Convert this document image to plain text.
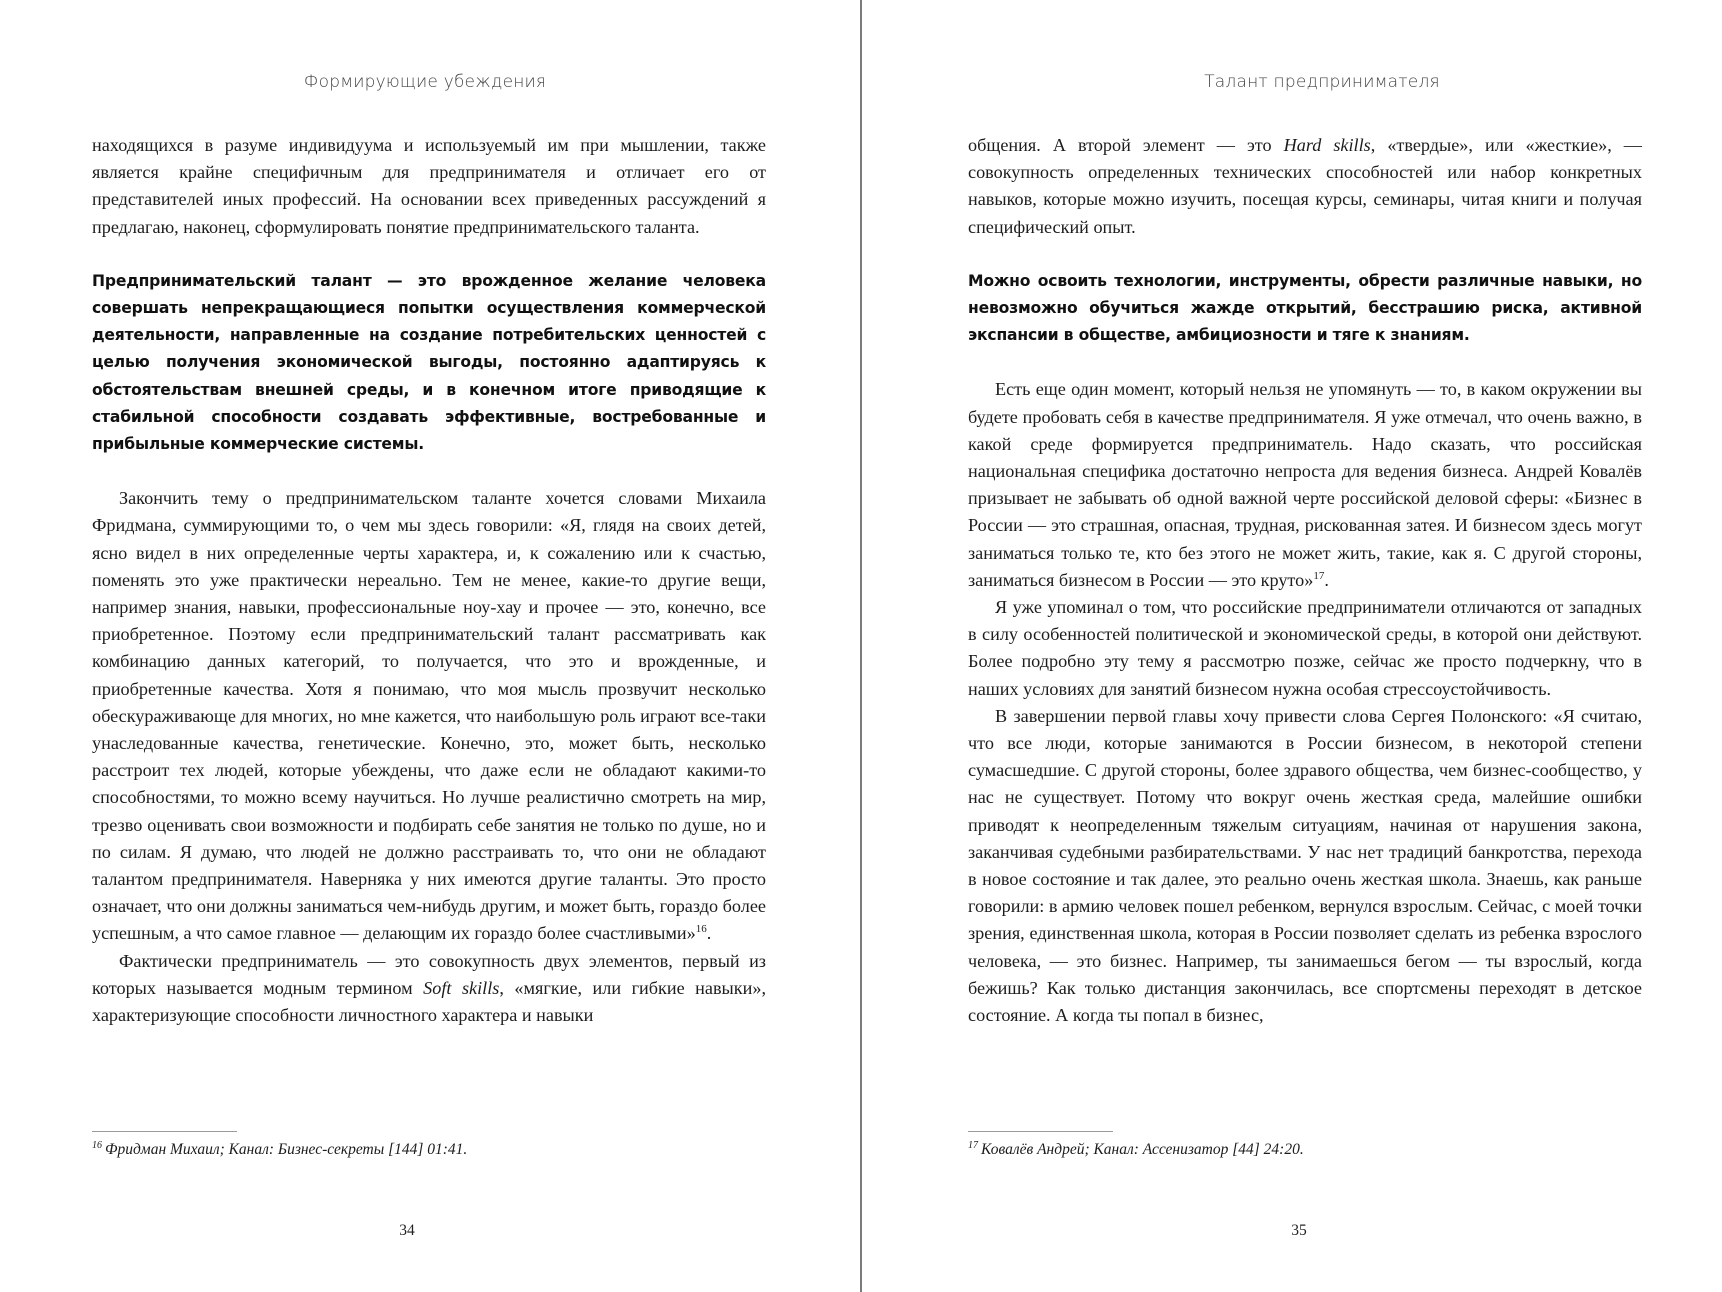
Формирующие убеждения

находящихся в разуме индивидуума и используемый им при мышлении, также является крайне специфичным для предпринимателя и отличает его от представителей иных профессий. На основании всех приведенных рассуждений я предлагаю, наконец, сформулировать понятие предпринимательского таланта.

Предпринимательский талант — это врожденное желание человека совершать непрекращающиеся попытки осуществления коммерческой деятельности, направленные на создание потребительских ценностей с целью получения экономической выгоды, постоянно адаптируясь к обстоятельствам внешней среды, и в конечном итоге приводящие к стабильной способности создавать эффективные, востребованные и прибыльные коммерческие системы.

Закончить тему о предпринимательском таланте хочется словами Михаила Фридмана, суммирующими то, о чем мы здесь говорили: «Я, глядя на своих детей, ясно видел в них определенные черты характера, и, к сожалению или к счастью, поменять это уже практически нереально. Тем не менее, какие-то другие вещи, например знания, навыки, профессиональные ноу-хау и прочее — это, конечно, все приобретенное. Поэтому если предпринимательский талант рассматривать как комбинацию данных категорий, то получается, что это и врожденные, и приобретенные качества. Хотя я понимаю, что моя мысль прозвучит несколько обескураживающе для многих, но мне кажется, что наибольшую роль играют все-таки унаследованные качества, генетические. Конечно, это, может быть, несколько расстроит тех людей, которые убеждены, что даже если не обладают какими-то способностями, то можно всему научиться. Но лучше реалистично смотреть на мир, трезво оценивать свои возможности и подбирать себе занятия не только по душе, но и по силам. Я думаю, что людей не должно расстраивать то, что они не обладают талантом предпринимателя. Наверняка у них имеются другие таланты. Это просто означает, что они должны заниматься чем-нибудь другим, и может быть, гораздо более успешным, а что самое главное — делающим их гораздо более счастливыми»$^{16}$.

Фактически предприниматель — это совокупность двух элементов, первый из которых называется модным термином Soft skills, «мягкие, или гибкие навыки», характеризующие способности личностного характера и навыки

$^{16}$ Фридман Михаил; Канал: Бизнес-секреты [144] 01:41.
34
Талант предпринимателя

общения. А второй элемент — это Hard skills, «твердые», или «жесткие», — совокупность определенных технических способностей или набор конкретных навыков, которые можно изучить, посещая курсы, семинары, читая книги и получая специфический опыт.

Можно освоить технологии, инструменты, обрести различные навыки, но невозможно обучиться жажде открытий, бесстрашию риска, активной экспансии в обществе, амбициозности и тяге к знаниям.

Есть еще один момент, который нельзя не упомянуть — то, в каком окружении вы будете пробовать себя в качестве предпринимателя. Я уже отмечал, что очень важно, в какой среде формируется предприниматель. Надо сказать, что российская национальная специфика достаточно непроста для ведения бизнеса. Андрей Ковалёв призывает не забывать об одной важной черте российской деловой сферы: «Бизнес в России — это страшная, опасная, трудная, рискованная затея. И бизнесом здесь могут заниматься только те, кто без этого не может жить, такие, как я. С другой стороны, заниматься бизнесом в России — это круто»$^{17}$.

Я уже упоминал о том, что российские предприниматели отличаются от западных в силу особенностей политической и экономической среды, в которой они действуют. Более подробно эту тему я рассмотрю позже, сейчас же просто подчеркну, что в наших условиях для занятий бизнесом нужна особая стрессоустойчивость.

В завершении первой главы хочу привести слова Сергея Полонского: «Я считаю, что все люди, которые занимаются в России бизнесом, в некоторой степени сумасшедшие. С другой стороны, более здравого общества, чем бизнес-сообщество, у нас не существует. Потому что вокруг очень жесткая среда, малейшие ошибки приводят к неопределенным тяжелым ситуациям, начиная от нарушения закона, заканчивая судебными разбирательствами. У нас нет традиций банкротства, перехода в новое состояние и так далее, это реально очень жесткая школа. Знаешь, как раньше говорили: в армию человек пошел ребенком, вернулся взрослым. Сейчас, с моей точки зрения, единственная школа, которая в России позволяет сделать из ребенка взрослого человека, — это бизнес. Например, ты занимаешься бегом — ты взрослый, когда бежишь? Как только дистанция закончилась, все спортсмены переходят в детское состояние. А когда ты попал в бизнес,

$^{17}$ Ковалёв Андрей; Канал: Ассенизатор [44] 24:20.
35
